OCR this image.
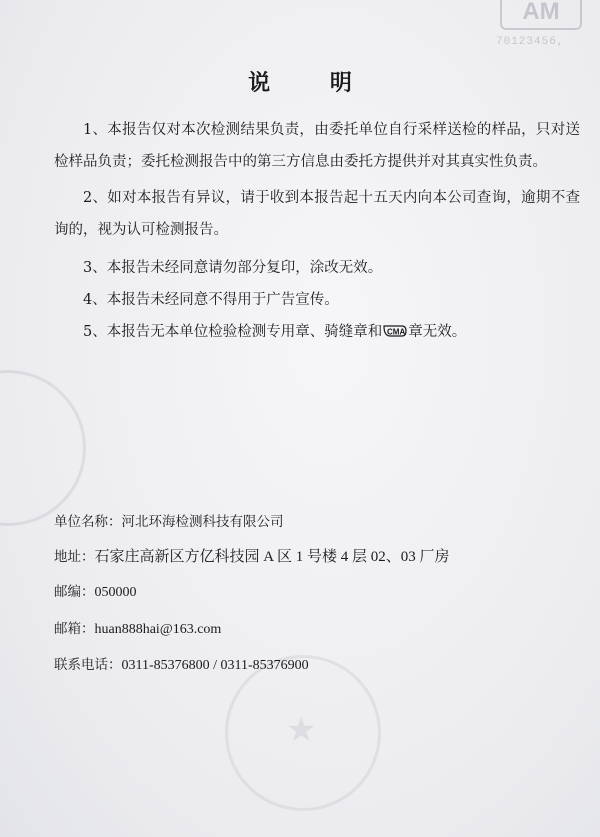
AM
70123456,
★
说 明
1、本报告仅对本次检测结果负责，由委托单位自行采样送检的样品，只对送检样品负责；委托检测报告中的第三方信息由委托方提供并对其真实性负责。
2、如对本报告有异议，请于收到本报告起十五天内向本公司查询，逾期不查询的，视为认可检测报告。
3、本报告未经同意请勿部分复印，涂改无效。
4、本报告未经同意不得用于广告宣传。
5、本报告无本单位检验检测专用章、骑缝章和 CMA 章无效。
单位名称：河北环海检测科技有限公司
地址：石家庄高新区方亿科技园 A 区 1 号楼 4 层 02、03 厂房
邮编：050000
邮箱：huan888hai@163.com
联系电话：0311-85376800 / 0311-85376900
